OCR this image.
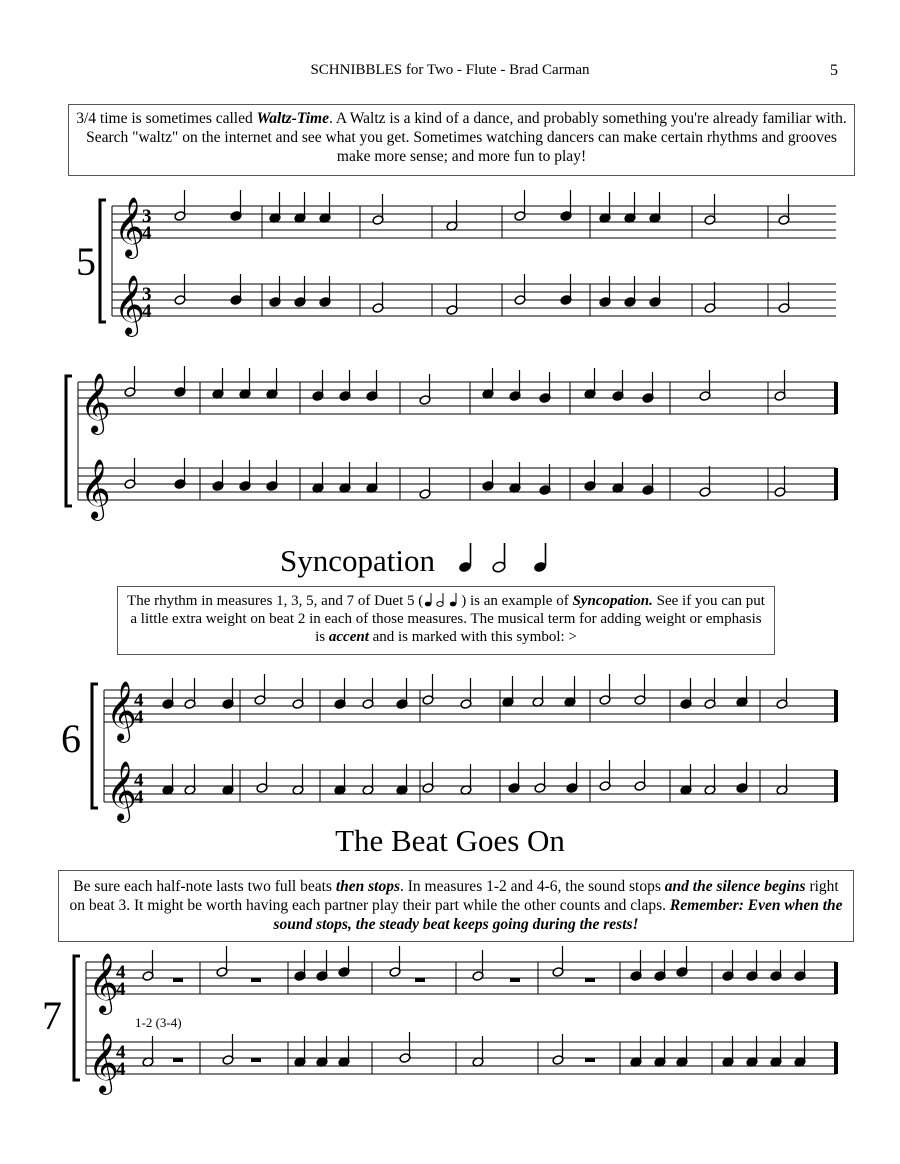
SCHNIBBLES for Two - Flute - Brad Carman	5
3/4 time is sometimes called Waltz-Time. A Waltz is a kind of a dance, and probably something you're already familiar with. Search "waltz" on the internet and see what you get. Sometimes watching dancers can make certain rhythms and grooves make more sense; and more fun to play!
Syncopation
The rhythm in measures 1, 3, 5, and 7 of Duet 5 (	) is an example of Syncopation. See if you can put a little extra weight on beat 2 in each of those measures. The musical term for adding weight or emphasis is accent and is marked with this symbol: >
The Beat Goes On
Be sure each half-note lasts two full beats then stops. In measures 1-2 and 4-6, the sound stops and the silence begins right on beat 3. It might be worth having each partner play their part while the other counts and claps. Remember: Even when the sound stops, the steady beat keeps going during the rests!
5
6
7
𝄞
𝄞
3
4
3
4
𝄞
𝄞
𝄞
𝄞
4
4
4
4
𝄞
𝄞
4
4
4
4
1-2 (3-4)
